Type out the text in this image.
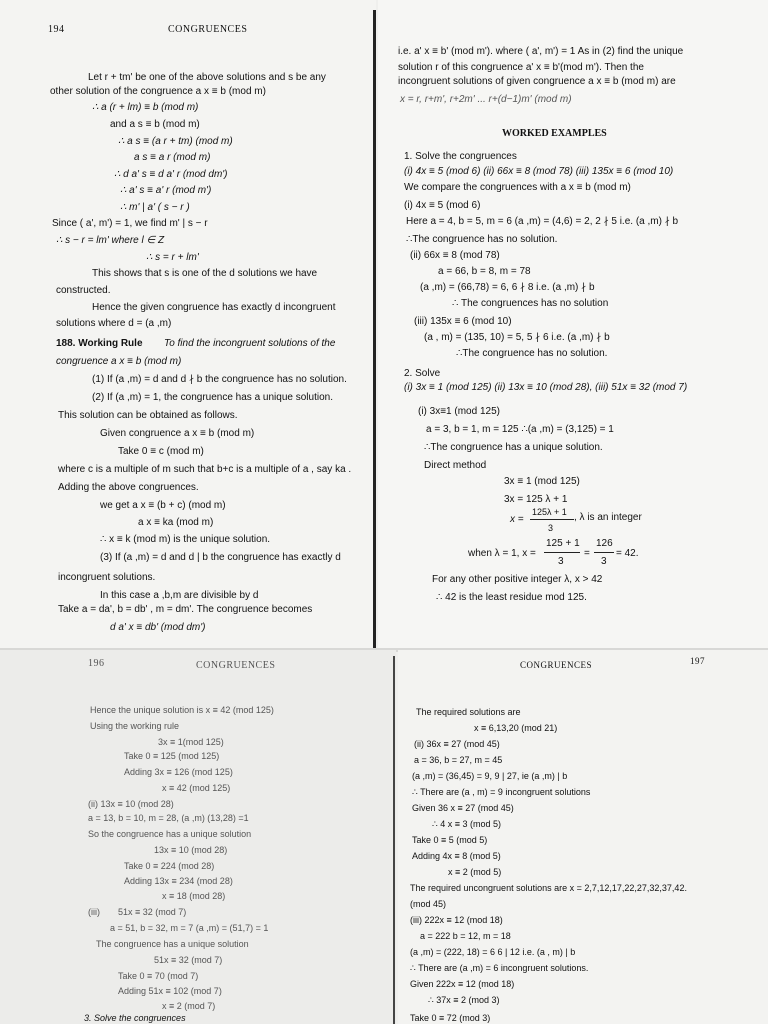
194	CONGRUENCES
Let r + tm' be one of the above solutions and s be any
other solution of the congruence a x ≡ b (mod m)
∴ a (r + lm) ≡ b (mod m)
and a s ≡ b (mod m)
∴ a s ≡ (a r + tm) (mod m)
a s ≡ a r (mod m)
∴ d a' s ≡ d a' r (mod dm')
∴ a' s ≡ a' r (mod m')
∴ m' | a' ( s − r )
Since ( a', m') = 1, we find m' | s − r
∴ s − r = lm' where l ∈ Z
∴ s = r + lm'
This shows that s is one of the d solutions we have
constructed.
Hence the given congruence has exactly d incongruent
solutions where d = (a ,m)
188. Working Rule To find the incongruent solutions of the
congruence a x ≡ b (mod m)
(1) If (a ,m) = d and d ∤ b the congruence has no solution.
(2) If (a ,m) = 1, the congruence has a unique solution.
This solution can be obtained as follows.
Given congruence a x ≡ b (mod m)
Take 0 ≡ c (mod m)
where c is a multiple of m such that b+c is a multiple of a , say ka .
Adding the above congruences.
we get a x ≡ (b + c) (mod m)
a x ≡ ka (mod m)
∴ x ≡ k (mod m) is the unique solution.
(3) If (a ,m) = d and d | b the congruence has exactly d
incongruent solutions.
In this case a ,b,m are divisible by d
Take a = da', b = db' , m = dm'. The congruence becomes
d a' x ≡ db' (mod dm')
i.e. a' x ≡ b' (mod m'). where ( a', m') = 1 As in (2) find the unique
solution r of this congruence a' x ≡ b'(mod m'). Then the
incongruent solutions of given congruence a x ≡ b (mod m) are
x = r, r+m', r+2m' ... r+(d−1)m' (mod m)
WORKED EXAMPLES
1. Solve the congruences
(i) 4x ≡ 5 (mod 6) (ii) 66x ≡ 8 (mod 78) (iii) 135x ≡ 6 (mod 10)
We compare the congruences with a x ≡ b (mod m)
(i) 4x ≡ 5 (mod 6)
Here a = 4, b = 5, m = 6 (a ,m) = (4,6) = 2, 2 ∤ 5 i.e. (a ,m) ∤ b
∴The congruence has no solution.
(ii) 66x ≡ 8 (mod 78)
a = 66, b = 8, m = 78
(a ,m) = (66,78) = 6, 6 ∤ 8 i.e. (a ,m) ∤ b
∴ The congruences has no solution
(iii) 135x ≡ 6 (mod 10)
(a , m) = (135, 10) = 5, 5 ∤ 6 i.e. (a ,m) ∤ b
∴The congruence has no solution.
2. Solve
(i) 3x ≡ 1 (mod 125) (ii) 13x ≡ 10 (mod 28), (iii) 51x ≡ 32 (mod 7)
(i) 3x≡1 (mod 125)
a = 3, b = 1, m = 125 ∴(a ,m) = (3,125) = 1
∴The congruence has a unique solution.
Direct method
3x ≡ 1 (mod 125)
3x = 125 λ + 1
x =
125λ + 1
3
, λ is an integer
when λ = 1, x =
125 + 1
3
=
126
3
= 42.
For any other positive integer λ, x > 42
∴ 42 is the least residue mod 125.
196	CONGRUENCES
Hence the unique solution is x ≡ 42 (mod 125)
Using the working rule
3x ≡ 1(mod 125)
Take 0 ≡ 125 (mod 125)
Adding 3x ≡ 126 (mod 125)
x ≡ 42 (mod 125)
(ii) 13x ≡ 10 (mod 28)
a = 13, b = 10, m = 28, (a ,m) (13,28) =1
So the congruence has a unique solution
13x ≡ 10 (mod 28)
Take 0 ≡ 224 (mod 28)
Adding 13x ≡ 234 (mod 28)
x ≡ 18 (mod 28)
(iii) 51x ≡ 32 (mod 7)
a = 51, b = 32, m = 7 (a ,m) = (51,7) = 1
The congruence has a unique solution
51x ≡ 32 (mod 7)
Take 0 ≡ 70 (mod 7)
Adding 51x ≡ 102 (mod 7)
x ≡ 2 (mod 7)
3. Solve the congruences
CONGRUENCES	197
The required solutions are
x ≡ 6,13,20 (mod 21)
(ii) 36x ≡ 27 (mod 45)
a = 36, b = 27, m = 45
(a ,m) = (36,45) = 9, 9 | 27, ie (a ,m) | b
∴ There are (a , m) = 9 incongruent solutions
Given 36 x ≡ 27 (mod 45)
∴ 4 x ≡ 3 (mod 5)
Take 0 ≡ 5 (mod 5)
Adding 4x ≡ 8 (mod 5)
x ≡ 2 (mod 5)
The required uncongruent solutions are x = 2,7,12,17,22,27,32,37,42.
(mod 45)
(iii) 222x ≡ 12 (mod 18)
a = 222 b = 12, m = 18
(a ,m) = (222, 18) = 6 6 | 12 i.e. (a , m) | b
∴ There are (a ,m) = 6 incongruent solutions.
Given 222x ≡ 12 (mod 18)
∴ 37x ≡ 2 (mod 3)
Take 0 ≡ 72 (mod 3)
